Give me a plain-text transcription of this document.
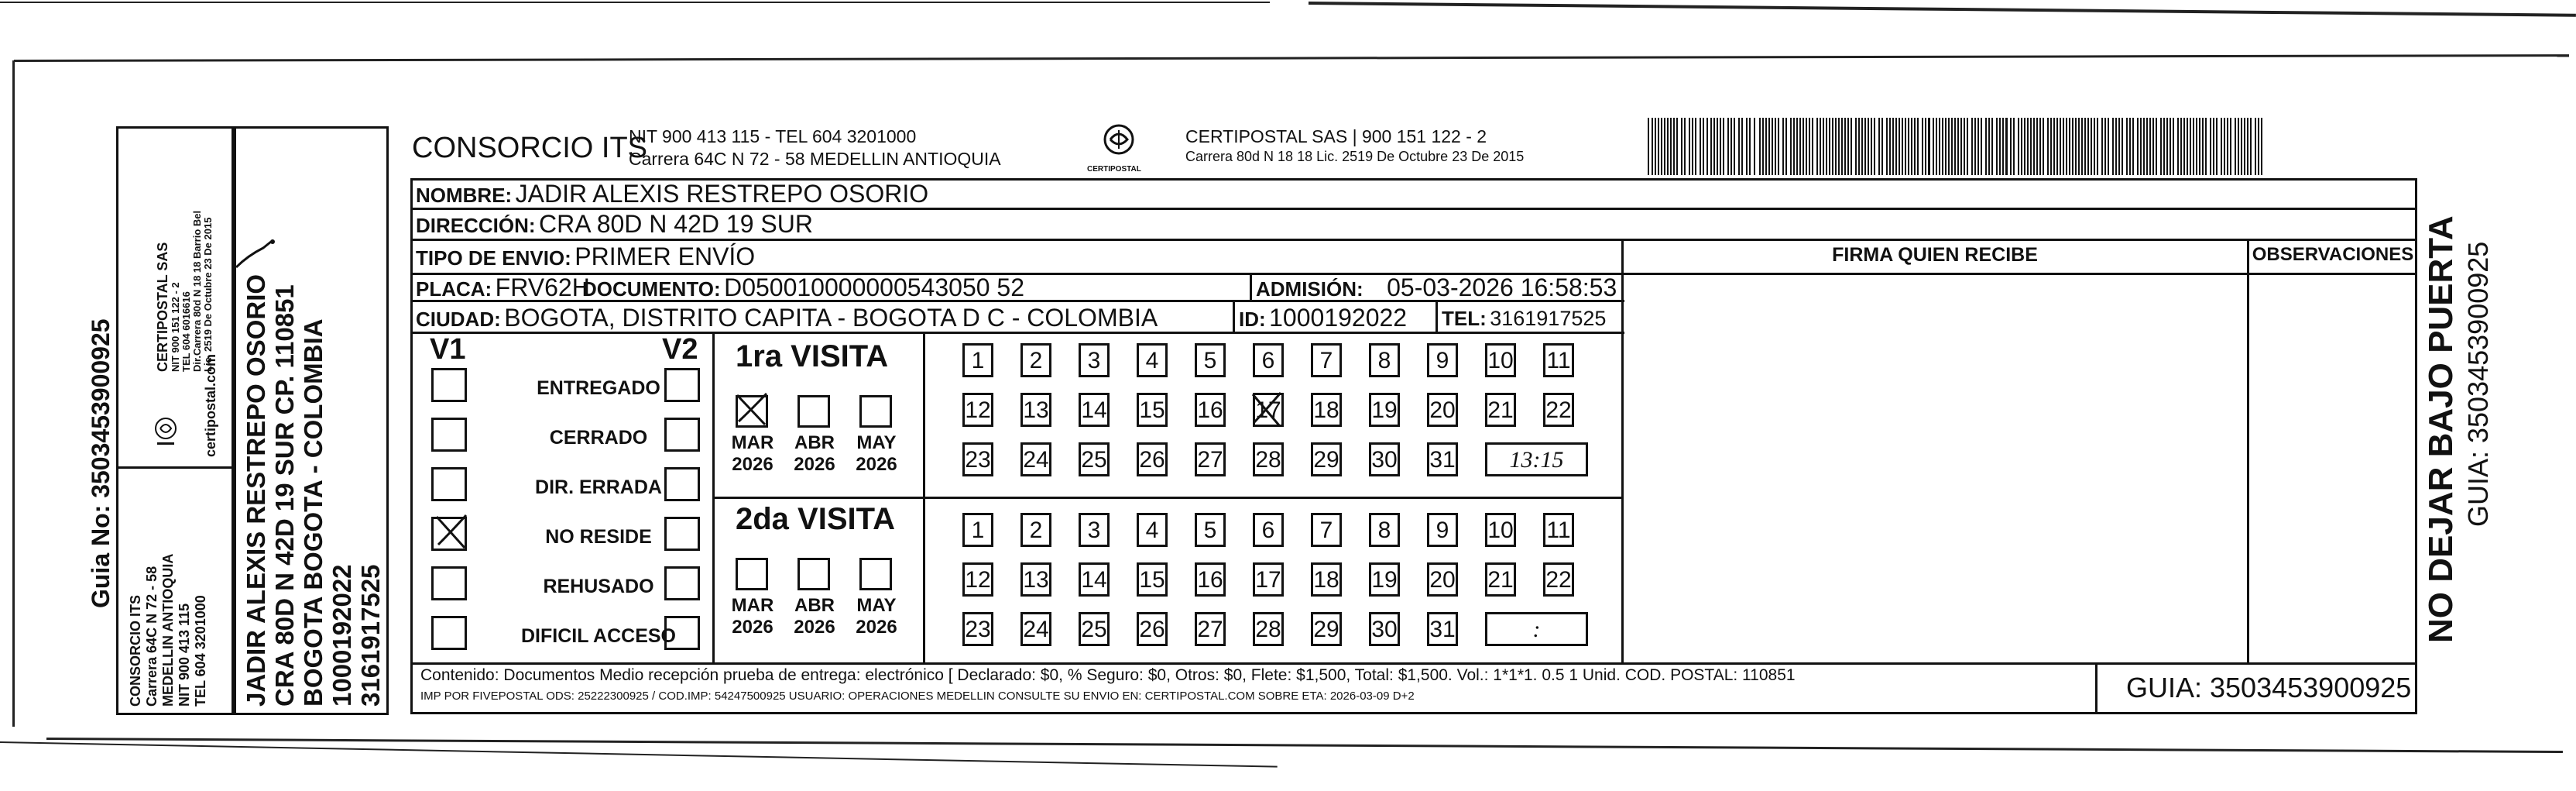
Guia No: 3503453900925
CONSORCIO ITS Carrera 64C N 72 - 58 MEDELLIN ANTIOQUIA NIT 900 413 115 TEL 604 3201000
CERTIPOSTAL SAS NIT 900 151 122 - 2 TEL 604 6016616 Dir.Carrera 80d N 18 18 Barrio Bel Lic. 2519 De Octubre 23 De 2015
certipostal.com JADIR ALEXIS RESTREPO OSORIO CRA 80D N 42D 19 SUR CP. 110851 BOGOTA BOGOTA - COLOMBIA 1000192022 3161917525
CONSORCIO ITS
NIT 900 413 115 - TEL 604 3201000
Carrera 64C N 72 - 58 MEDELLIN ANTIOQUIA
CERTIPOSTAL
CERTIPOSTAL SAS | 900 151 122 - 2
Carrera 80d N 18 18 Lic. 2519 De Octubre 23 De 2015
NOMBRE: JADIR ALEXIS RESTREPO OSORIO
DIRECCIÓN: CRA 80D N 42D 19 SUR
TIPO DE ENVIO: PRIMER ENVÍO
PLACA: FRV62H
DOCUMENTO: D050010000000543050 52	ADMISIÓN: 05-03-2026 16:58:53
CIUDAD: BOGOTA, DISTRITO CAPITA - BOGOTA D C - COLOMBIA	ID: 1000192022 TEL: 3161917525
FIRMA QUIEN RECIBE	OBSERVACIONES
V1	V2
ENTREGADO
CERRADO
DIR. ERRADA
NO RESIDE
REHUSADO
DIFICIL ACCESO
1ra VISITA
2da VISITA
MAR
2026
ABR
2026
MAY
2026
MAR
2026
ABR
2026
MAY
2026
1	2	3	4	5	6	7	8	9	10 11
12 13 14 15 16 17 18 19 20 21 22
23 24 25 26 27 28 29 30 31	13:15
1	2	3	4	5	6	7	8	9	10 11
12 13 14 15 16 17 18 19 20 21 22
23 24 25 26 27 28 29 30 31	:
Contenido: Documentos Medio recepción prueba de entrega: electrónico [ Declarado: $0, % Seguro: $0, Otros: $0, Flete: $1,500, Total: $1,500. Vol.: 1*1*1. 0.5 1 Unid. COD. POSTAL: 110851
IMP POR FIVEPOSTAL ODS: 25222300925 / COD.IMP: 54247500925 USUARIO: OPERACIONES MEDELLIN CONSULTE SU ENVIO EN: CERTIPOSTAL.COM SOBRE ETA: 2026-03-09 D+2	GUIA: 3503453900925
NO DEJAR BAJO PUERTA GUIA: 3503453900925
